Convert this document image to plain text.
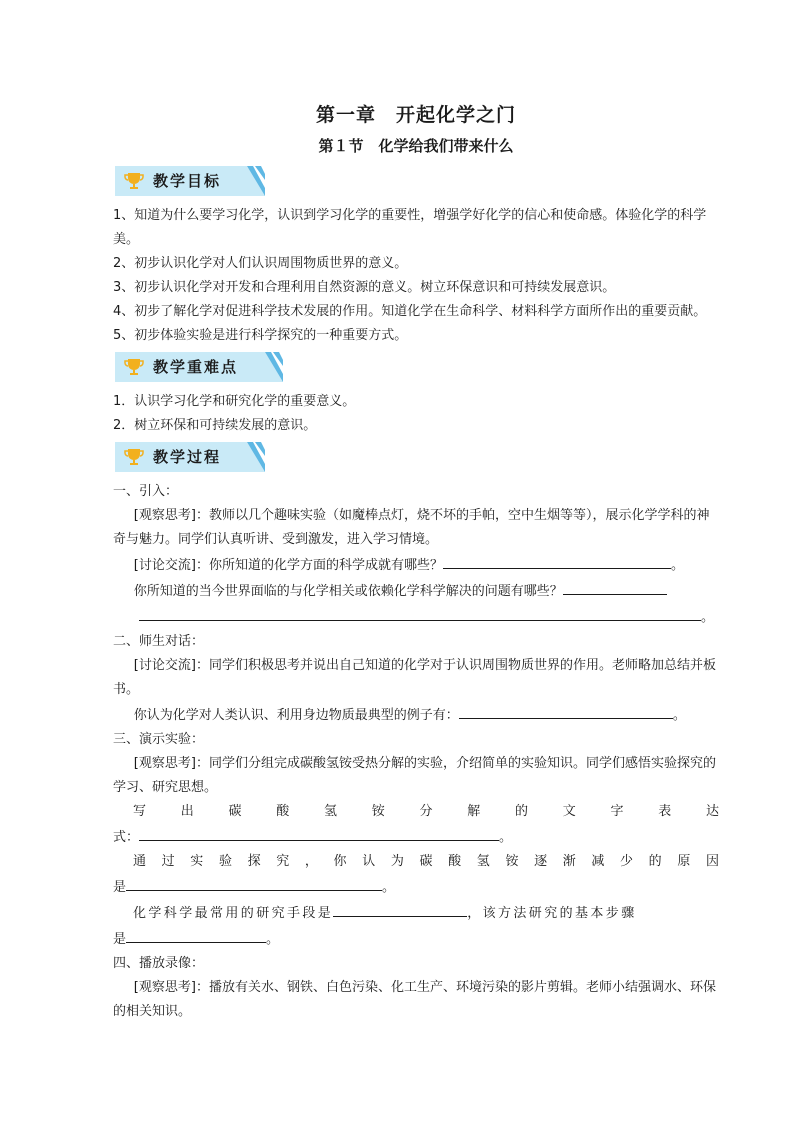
第一章　开起化学之门
第１节　化学给我们带来什么
教学目标

1、知道为什么要学习化学，认识到学习化学的重要性，增强学好化学的信心和使命感。体验化学的科学美。

2、初步认识化学对人们认识周围物质世界的意义。

3、初步认识化学对开发和合理利用自然资源的意义。树立环保意识和可持续发展意识。

4、初步了解化学对促进科学技术发展的作用。知道化学在生命科学、材料科学方面所作出的重要贡献。

5、初步体验实验是进行科学探究的一种重要方式。

教学重难点

1．认识学习化学和研究化学的重要意义。

2．树立环保和可持续发展的意识。

教学过程

一、引入：

[观察思考]：教师以几个趣味实验（如魔棒点灯，烧不坏的手帕，空中生烟等等），展示化学学科的神奇与魅力。同学们认真听讲、受到激发，进入学习情境。

[讨论交流]：你所知道的化学方面的科学成就有哪些？	。

你所知道的当今世界面临的与化学相关或依赖化学科学解决的问题有哪些？

。

二、师生对话：

[讨论交流]：同学们积极思考并说出自己知道的化学对于认识周围物质世界的作用。老师略加总结并板书。

你认为化学对人类认识、利用身边物质最典型的例子有：	。

三、演示实验：

[观察思考]：同学们分组完成碳酸氢铵受热分解的实验，介绍简单的实验知识。同学们感悟实验探究的学习、研究思想。

写出碳酸氢铵分解的文字表达

式：	。

通过实验探究，你认为碳酸氢铵逐渐减少的原因

是	。

化学科学最常用的研究手段是	，该方法研究的基本步骤

是	。

四、播放录像：

[观察思考]：播放有关水、钢铁、白色污染、化工生产、环境污染的影片剪辑。老师小结强调水、环保的相关知识。
